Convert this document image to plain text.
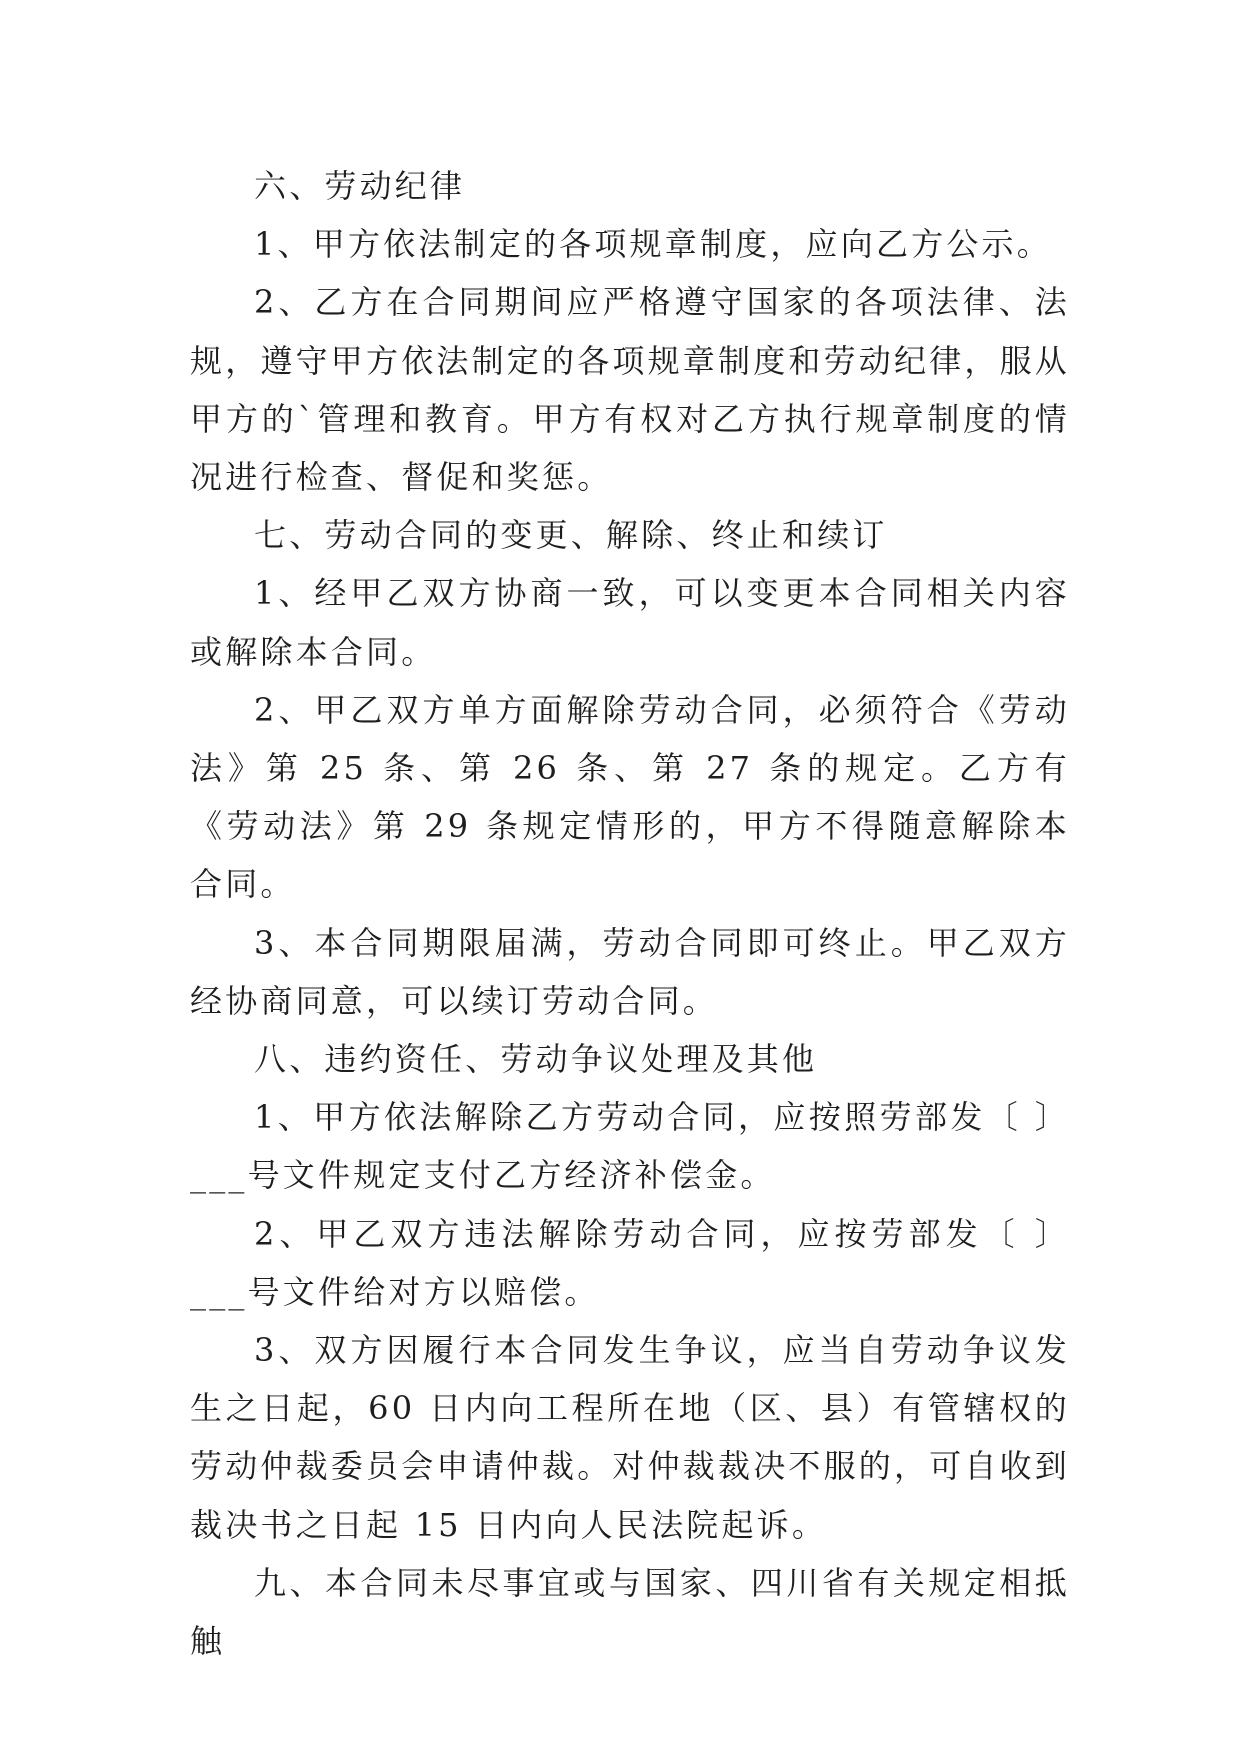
六、劳动纪律

1、甲方依法制定的各项规章制度，应向乙方公示。

2、乙方在合同期间应严格遵守国家的各项法律、法规，遵守甲方依法制定的各项规章制度和劳动纪律，服从甲方的`管理和教育。甲方有权对乙方执行规章制度的情况进行检查、督促和奖惩。

七、劳动合同的变更、解除、终止和续订

1、经甲乙双方协商一致，可以变更本合同相关内容或解除本合同。

2、甲乙双方单方面解除劳动合同，必须符合《劳动法》第 25 条、第 26 条、第 27 条的规定。乙方有《劳动法》第 29 条规定情形的，甲方不得随意解除本合同。

3、本合同期限届满，劳动合同即可终止。甲乙双方经协商同意，可以续订劳动合同。

八、违约资任、劳动争议处理及其他

1、甲方依法解除乙方劳动合同，应按照劳部发〔 〕___号文件规定支付乙方经济补偿金。

2、甲乙双方违法解除劳动合同，应按劳部发〔 〕___号文件给对方以赔偿。

3、双方因履行本合同发生争议，应当自劳动争议发生之日起，60 日内向工程所在地（区、县）有管辖权的劳动仲裁委员会申请仲裁。对仲裁裁决不服的，可自收到裁决书之日起 15 日内向人民法院起诉。

九、本合同未尽事宜或与国家、四川省有关规定相抵触
